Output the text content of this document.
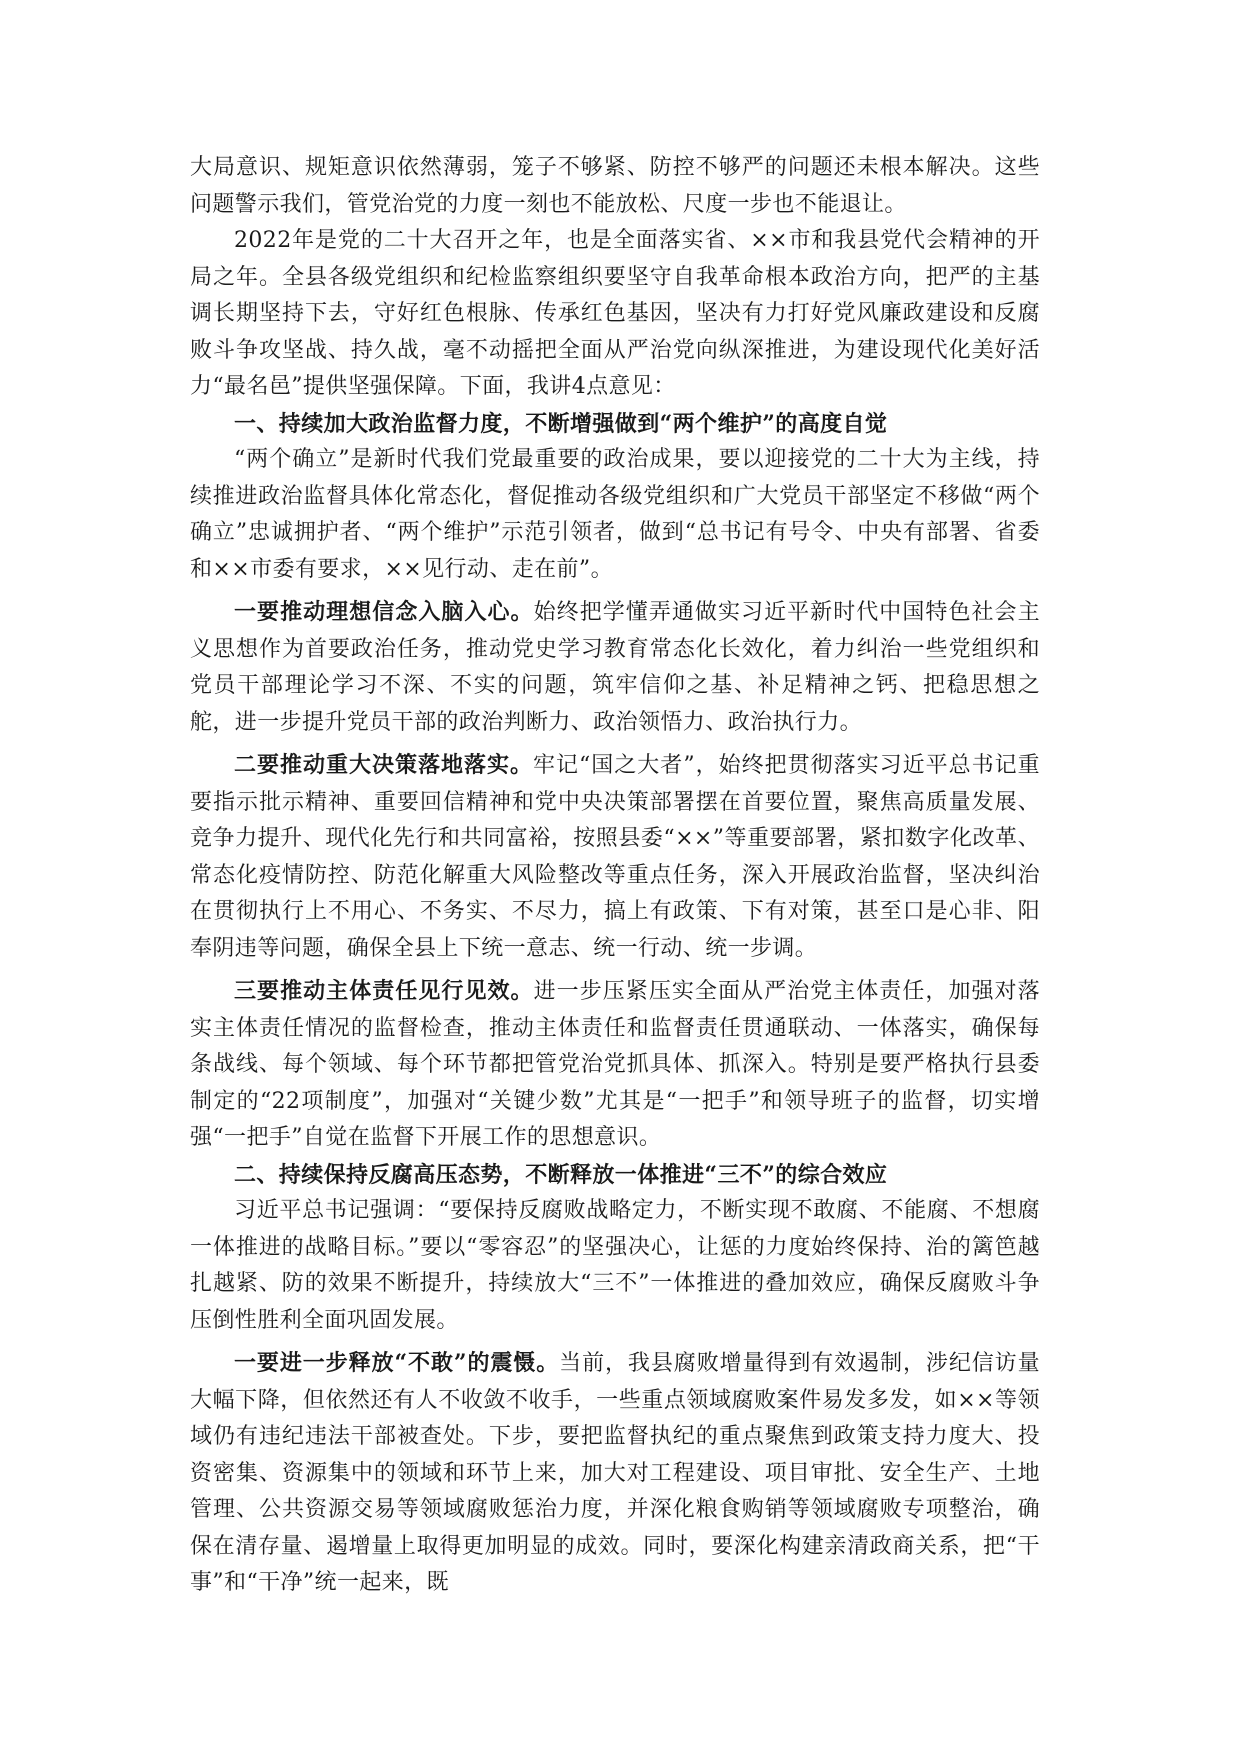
大局意识、规矩意识依然薄弱，笼子不够紧、防控不够严的问题还未根本解决。这些问题警示我们，管党治党的力度一刻也不能放松、尺度一步也不能退让。

2022年是党的二十大召开之年，也是全面落实省、××市和我县党代会精神的开局之年。全县各级党组织和纪检监察组织要坚守自我革命根本政治方向，把严的主基调长期坚持下去，守好红色根脉、传承红色基因，坚决有力打好党风廉政建设和反腐败斗争攻坚战、持久战，毫不动摇把全面从严治党向纵深推进，为建设现代化美好活力“最名邑”提供坚强保障。下面，我讲4点意见：

一、持续加大政治监督力度，不断增强做到“两个维护”的高度自觉

“两个确立”是新时代我们党最重要的政治成果，要以迎接党的二十大为主线，持续推进政治监督具体化常态化，督促推动各级党组织和广大党员干部坚定不移做“两个确立”忠诚拥护者、“两个维护”示范引领者，做到“总书记有号令、中央有部署、省委和××市委有要求，××见行动、走在前”。

一要推动理想信念入脑入心。始终把学懂弄通做实习近平新时代中国特色社会主义思想作为首要政治任务，推动党史学习教育常态化长效化，着力纠治一些党组织和党员干部理论学习不深、不实的问题，筑牢信仰之基、补足精神之钙、把稳思想之舵，进一步提升党员干部的政治判断力、政治领悟力、政治执行力。

二要推动重大决策落地落实。牢记“国之大者”，始终把贯彻落实习近平总书记重要指示批示精神、重要回信精神和党中央决策部署摆在首要位置，聚焦高质量发展、竞争力提升、现代化先行和共同富裕，按照县委“××”等重要部署，紧扣数字化改革、常态化疫情防控、防范化解重大风险整改等重点任务，深入开展政治监督，坚决纠治在贯彻执行上不用心、不务实、不尽力，搞上有政策、下有对策，甚至口是心非、阳奉阴违等问题，确保全县上下统一意志、统一行动、统一步调。

三要推动主体责任见行见效。进一步压紧压实全面从严治党主体责任，加强对落实主体责任情况的监督检查，推动主体责任和监督责任贯通联动、一体落实，确保每条战线、每个领域、每个环节都把管党治党抓具体、抓深入。特别是要严格执行县委制定的“22项制度”，加强对“关键少数”尤其是“一把手”和领导班子的监督，切实增强“一把手”自觉在监督下开展工作的思想意识。

二、持续保持反腐高压态势，不断释放一体推进“三不”的综合效应

习近平总书记强调：“要保持反腐败战略定力，不断实现不敢腐、不能腐、不想腐一体推进的战略目标。”要以“零容忍”的坚强决心，让惩的力度始终保持、治的篱笆越扎越紧、防的效果不断提升，持续放大“三不”一体推进的叠加效应，确保反腐败斗争压倒性胜利全面巩固发展。

一要进一步释放“不敢”的震慑。当前，我县腐败增量得到有效遏制，涉纪信访量大幅下降，但依然还有人不收敛不收手，一些重点领域腐败案件易发多发，如××等领域仍有违纪违法干部被查处。下步，要把监督执纪的重点聚焦到政策支持力度大、投资密集、资源集中的领域和环节上来，加大对工程建设、项目审批、安全生产、土地管理、公共资源交易等领域腐败惩治力度，并深化粮食购销等领域腐败专项整治，确保在清存量、遏增量上取得更加明显的成效。同时，要深化构建亲清政商关系，把“干事”和“干净”统一起来，既
